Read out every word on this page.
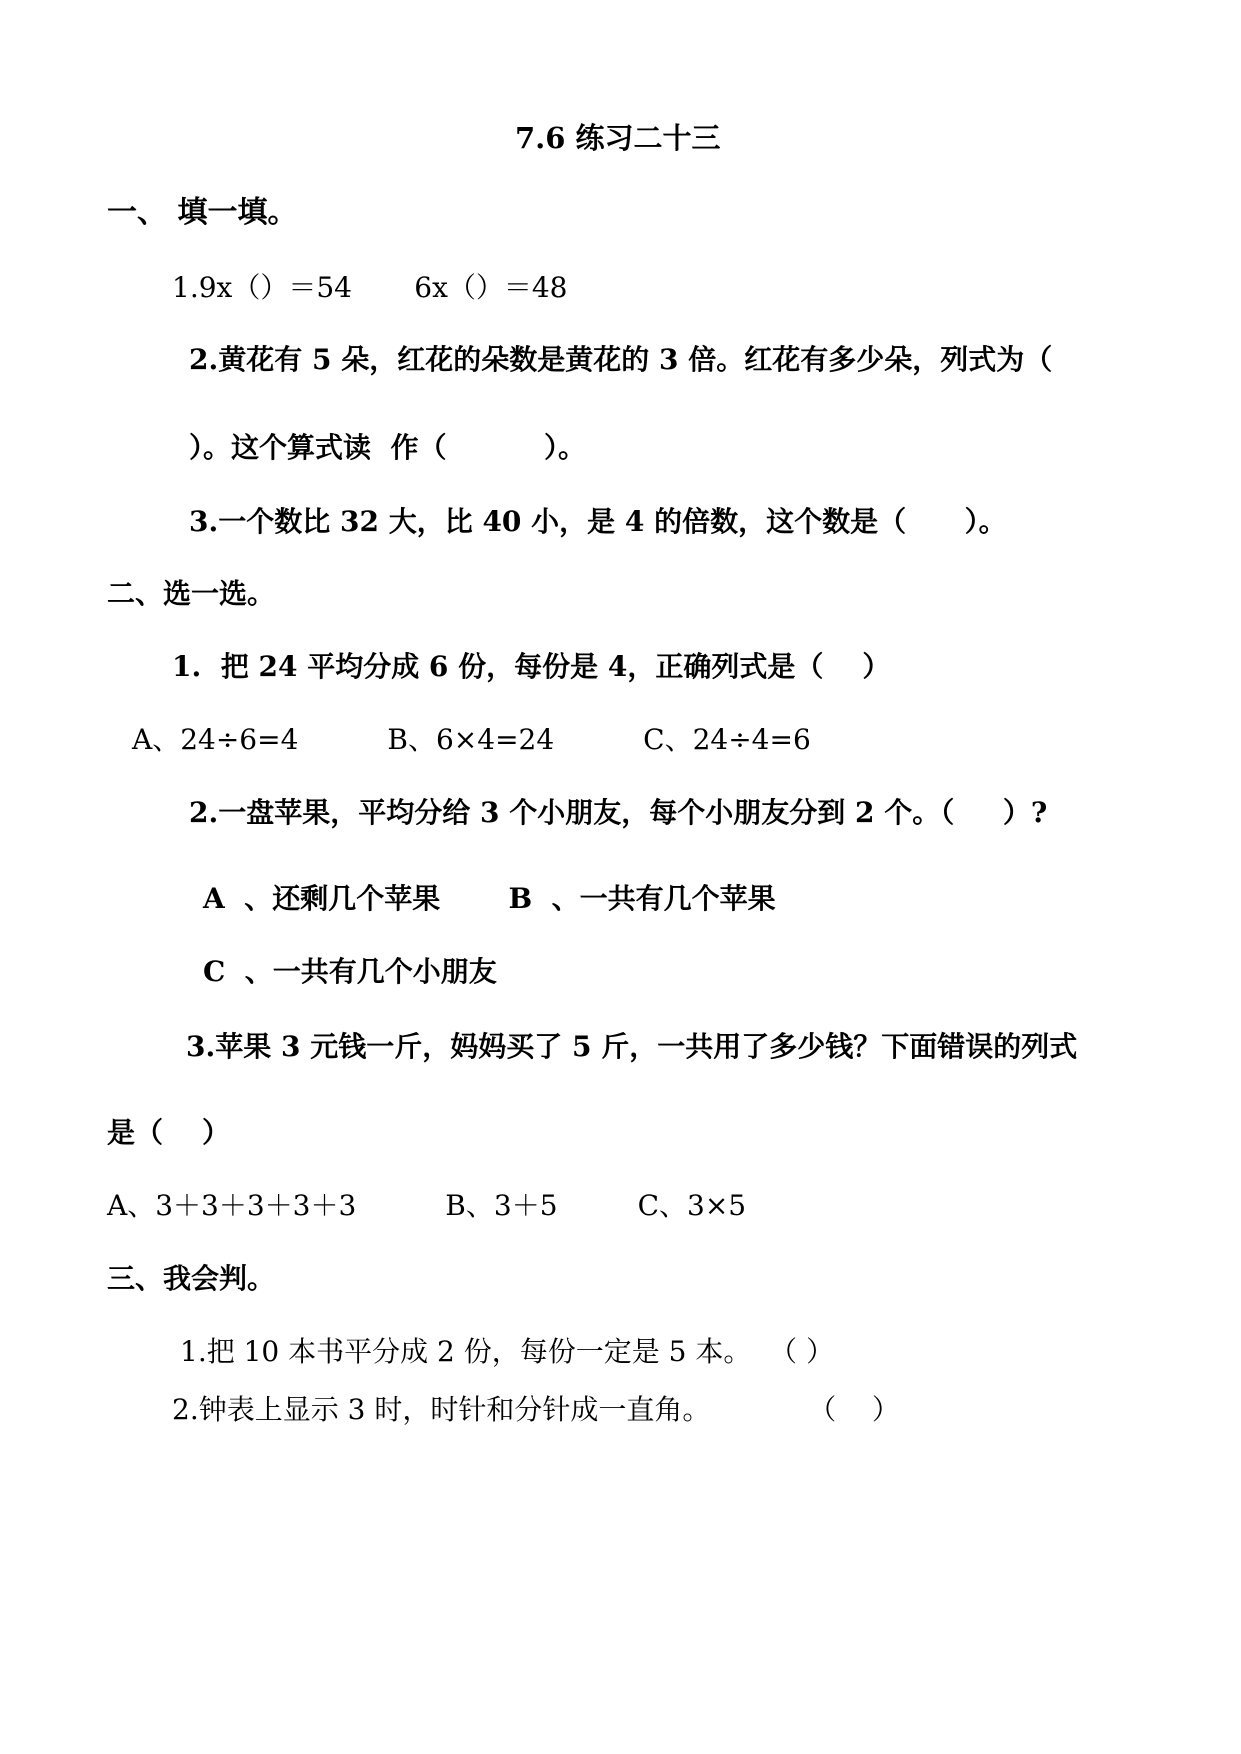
7.6 练习二十三
一、 填一填。
1.9x（）＝54       6x（）＝48
2.黄花有 5 朵，红花的朵数是黄花的 3 倍。红花有多少朵，列式为（
）。这个算式读  作（          ）。
3.一个数比 32 大，比 40 小，是 4 的倍数，这个数是（      ）。
二、选一选。
1.  把 24 平均分成 6 份，每份是 4，正确列式是（    ）
A、24÷6=4          B、6×4=24          C、24÷4=6
2.一盘苹果，平均分给 3 个小朋友，每个小朋友分到 2 个。（     ）?
A  、还剩几个苹果       B  、一共有几个苹果
C  、一共有几个小朋友
3.苹果 3 元钱一斤，妈妈买了 5 斤，一共用了多少钱？下面错误的列式
是（    ）
A、3＋3＋3＋3＋3          B、3＋5         C、3×5
三、我会判。
1.把 10 本书平分成 2 份，每份一定是 5 本。  （ ）
2.钟表上显示 3 时，时针和分针成一直角。           （    ）
